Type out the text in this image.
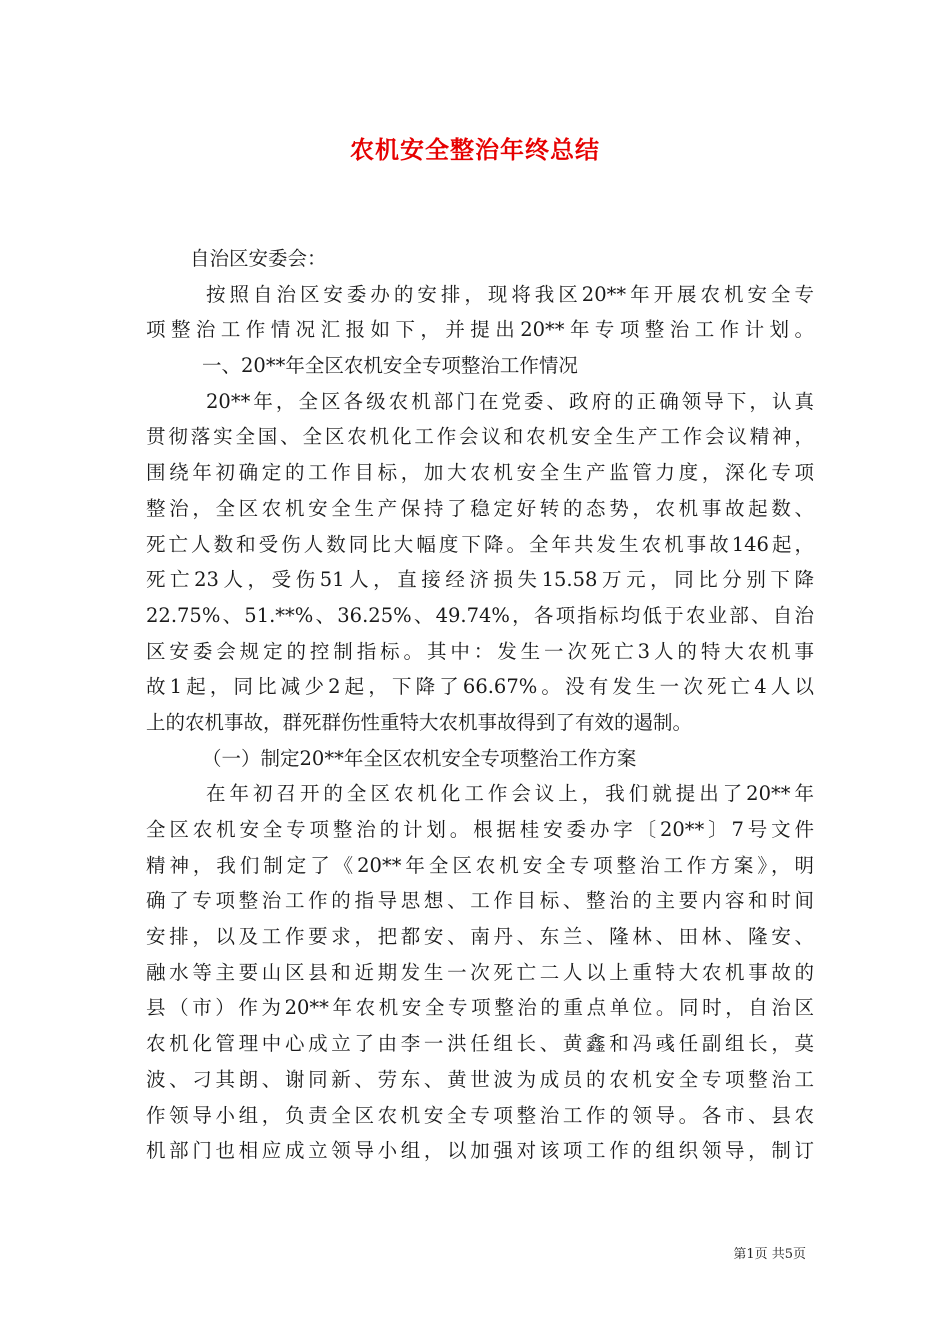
农机安全整治年终总结
自治区安委会：
按照自治区安委办的安排，现将我区20**年开展农机安全专
项整治工作情况汇报如下，并提出20**年专项整治工作计划。
一、20**年全区农机安全专项整治工作情况
20**年，全区各级农机部门在党委、政府的正确领导下，认真
贯彻落实全国、全区农机化工作会议和农机安全生产工作会议精神，
围绕年初确定的工作目标，加大农机安全生产监管力度，深化专项
整治，全区农机安全生产保持了稳定好转的态势，农机事故起数、
死亡人数和受伤人数同比大幅度下降。全年共发生农机事故146起，
死亡23人，受伤51人，直接经济损失15.58万元，同比分别下降
22.75%、51.**%、36.25%、49.74%，各项指标均低于农业部、自治
区安委会规定的控制指标。其中：发生一次死亡3人的特大农机事
故1起，同比减少2起，下降了66.67%。没有发生一次死亡4人以
上的农机事故，群死群伤性重特大农机事故得到了有效的遏制。
（一）制定20**年全区农机安全专项整治工作方案
在年初召开的全区农机化工作会议上，我们就提出了20**年
全区农机安全专项整治的计划。根据桂安委办字〔20**〕7号文件
精神，我们制定了《20**年全区农机安全专项整治工作方案》，明
确了专项整治工作的指导思想、工作目标、整治的主要内容和时间
安排，以及工作要求，把都安、南丹、东兰、隆林、田林、隆安、
融水等主要山区县和近期发生一次死亡二人以上重特大农机事故的
县（市）作为20**年农机安全专项整治的重点单位。同时，自治区
农机化管理中心成立了由李一洪任组长、黄鑫和冯彧任副组长，莫
波、刁其朗、谢同新、劳东、黄世波为成员的农机安全专项整治工
作领导小组，负责全区农机安全专项整治工作的领导。各市、县农
机部门也相应成立领导小组，以加强对该项工作的组织领导，制订
第1页 共5页
